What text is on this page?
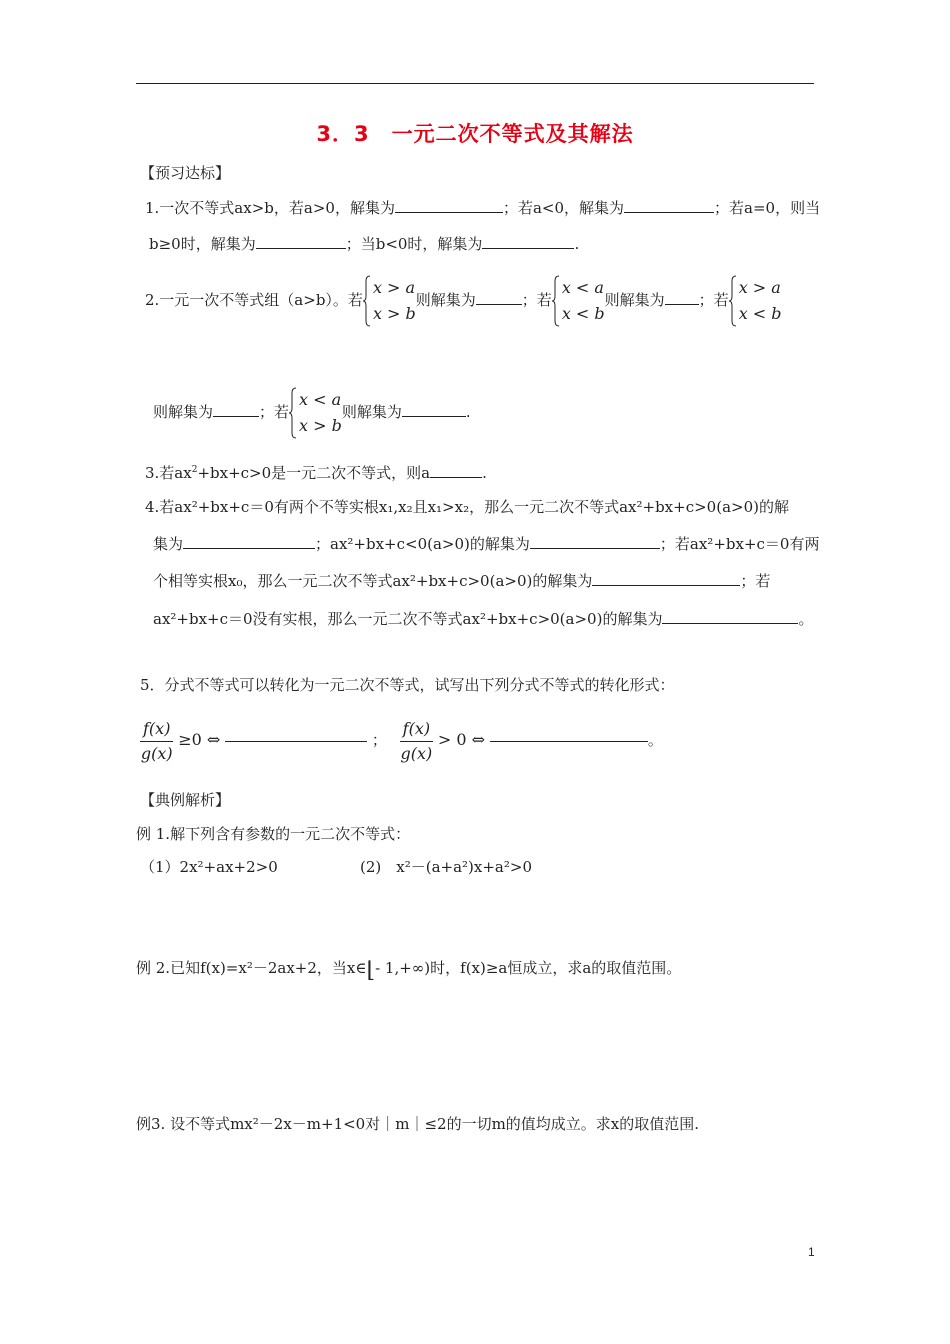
3．3　一元二次不等式及其解法
【预习达标】
1.一次不等式ax>b，若a>0，解集为	；若a<0，解集为	；若a=0，则当
b≥0时，解集为	；当b<0时，解集为	.
2.一元一次不等式组（a>b）。若
x > a
x > b
则解集为	；若
x < a
x < b
则解集为 ；若
x > a
x < b
则解集为	；若
x < a
x > b
则解集为	.
3.若$ax^2+bx+c>0$是一元二次不等式，则a	.
4.若ax²+bx+c＝0有两个不等实根x₁,x₂且x₁>x₂，那么一元二次不等式ax²+bx+c>0(a>0)的解
集为	；ax²+bx+c<0(a>0)的解集为	；若ax²+bx+c＝0有两
个相等实根x₀，那么一元二次不等式ax²+bx+c>0(a>0)的解集为	；若
ax²+bx+c＝0没有实根，那么一元二次不等式ax²+bx+c>0(a>0)的解集为	。
5．分式不等式可以转化为一元二次不等式，试写出下列分式不等式的转化形式：
$\frac{f(x)}{g(x)} \ge 0$ ⇔	； $\frac{f(x)}{g(x)} > 0$ ⇔	。
【典例解析】
例 1.解下列含有参数的一元二次不等式：
（1）2x²+ax+2>0	(2)　x²－(a+a²)x+a²>0
例 2.已知f(x)=x²－2ax+2，当x∈⌊- 1,+∞)时，f(x)≥a恒成立，求a的取值范围。
例3. 设不等式mx²－2x－m+1<0对｜m｜≤2的一切m的值均成立。求x的取值范围.
1
